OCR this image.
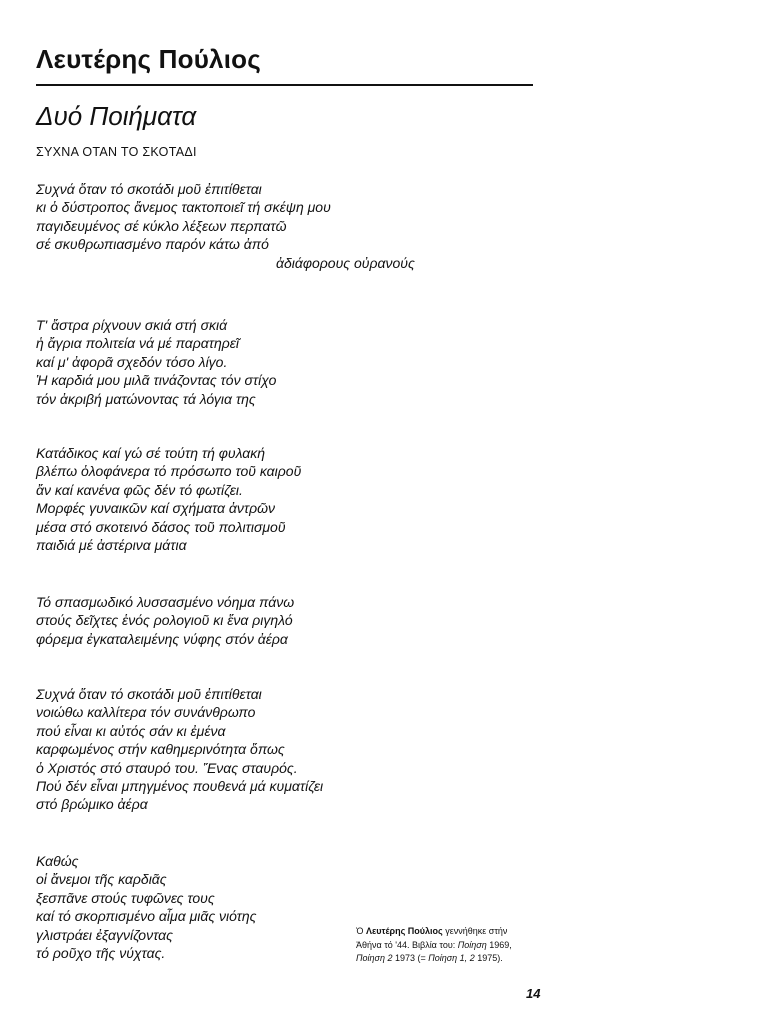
Λευτέρης Πούλιος
Δυό Ποιήματα
ΣΥΧΝΑ ΟΤΑΝ ΤΟ ΣΚΟΤΑΔΙ
Συχνά ὅταν τό σκοτάδι μοῦ ἐπιτίθεται
κι ὁ δύστροπος ἄνεμος τακτοποιεῖ τή σκέψη μου
παγιδευμένος σέ κύκλο λέξεων περπατῶ
σέ σκυθρωπιασμένο παρόν κάτω ἀπό
ἀδιάφορους οὐρανούς
Τ' ἄστρα ρίχνουν σκιά στή σκιά
ἡ ἄγρια πολιτεία νά μέ παρατηρεῖ
καί μ' ἀφορᾶ σχεδόν τόσο λίγο.
Ἡ καρδιά μου μιλᾶ τινάζοντας τόν στίχο
τόν ἀκριβή ματώνοντας τά λόγια της
Κατάδικος καί γώ σέ τούτη τή φυλακή
βλέπω ὁλοφάνερα τό πρόσωπο τοῦ καιροῦ
ἄν καί κανένα φῶς δέν τό φωτίζει.
Μορφές γυναικῶν καί σχήματα ἀντρῶν
μέσα στό σκοτεινό δάσος τοῦ πολιτισμοῦ
παιδιά μέ ἀστέρινα μάτια
Τό σπασμωδικό λυσσασμένο νόημα πάνω
στούς δεῖχτες ἑνός ρολογιοῦ κι ἕνα ριγηλό
φόρεμα ἐγκαταλειμένης νύφης στόν ἀέρα
Συχνά ὅταν τό σκοτάδι μοῦ ἐπιτίθεται
νοιώθω καλλίτερα τόν συνάνθρωπο
πού εἶναι κι αὐτός σάν κι ἐμένα
καρφωμένος στήν καθημερινότητα ὅπως
ὁ Χριστός στό σταυρό του. Ἕνας σταυρός.
Πού δέν εἶναι μπηγμένος πουθενά μά κυματίζει
στό βρώμικο ἀέρα
Καθώς
οἱ ἄνεμοι τῆς καρδιᾶς
ξεσπᾶνε στούς τυφῶνες τους
καί τό σκορπισμένο αἷμα μιᾶς νιότης
γλιστράει ἐξαγνίζοντας
τό ροῦχο τῆς νύχτας.
Ὁ Λευτέρης Πούλιος γεννήθηκε στήν
Ἀθήνα τό '44. Βιβλία του: Ποίηση 1969,
Ποίηση 2 1973 (= Ποίηση 1, 2 1975).
14
